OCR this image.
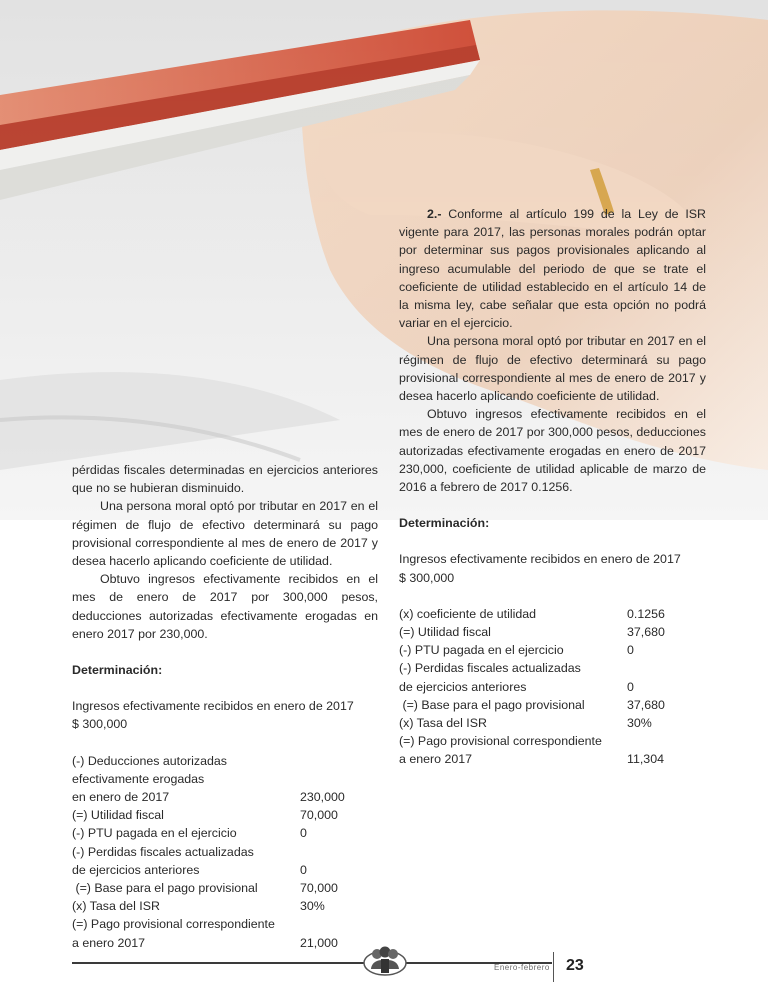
2.- Conforme al artículo 199 de la Ley de ISR vigente para 2017, las personas morales podrán optar por determinar sus pagos provisionales aplicando al ingreso acumulable del periodo de que se trate el coeficiente de utilidad establecido en el artículo 14 de la misma ley, cabe señalar que esta opción no podrá variar en el ejercicio.

Una persona moral optó por tributar en 2017 en el régimen de flujo de efectivo determinará su pago provisional correspondiente al mes de enero de 2017 y desea hacerlo aplicando coeficiente de utilidad.

Obtuvo ingresos efectivamente recibidos en el mes de enero de 2017 por 300,000 pesos, deducciones autorizadas efectivamente erogadas en enero de 2017 230,000, coeficiente de utilidad aplicable de marzo de 2016 a febrero de 2017 0.1256.

Determinación:

Ingresos efectivamente recibidos en enero de 2017

$ 300,000

(x) coeficiente de utilidad	0.1256
(=) Utilidad fiscal	37,680
(-) PTU pagada en el ejercicio	0
(-) Perdidas fiscales actualizadas
de ejercicios anteriores	0
(=) Base para el pago provisional	37,680
(x) Tasa del ISR	30%
(=) Pago provisional correspondiente
a enero 2017	11,304

pérdidas fiscales determinadas en ejercicios anteriores que no se hubieran disminuido.

Una persona moral optó por tributar en 2017 en el régimen de flujo de efectivo determinará su pago provisional correspondiente al mes de enero de 2017 y desea hacerlo aplicando coeficiente de utilidad.

Obtuvo ingresos efectivamente recibidos en el mes de enero de 2017 por 300,000 pesos, deducciones autorizadas efectivamente erogadas en enero 2017 por 230,000.

Determinación:

Ingresos efectivamente recibidos en enero de 2017

$ 300,000

(-) Deducciones autorizadas
efectivamente erogadas
en enero de 2017	230,000
(=) Utilidad fiscal	70,000
(-) PTU pagada en el ejercicio	0
(-) Perdidas fiscales actualizadas
de ejercicios anteriores	0
(=) Base para el pago provisional	70,000
(x) Tasa del ISR	30%
(=) Pago provisional correspondiente
a enero 2017	21,000
Enero-febrero 23
